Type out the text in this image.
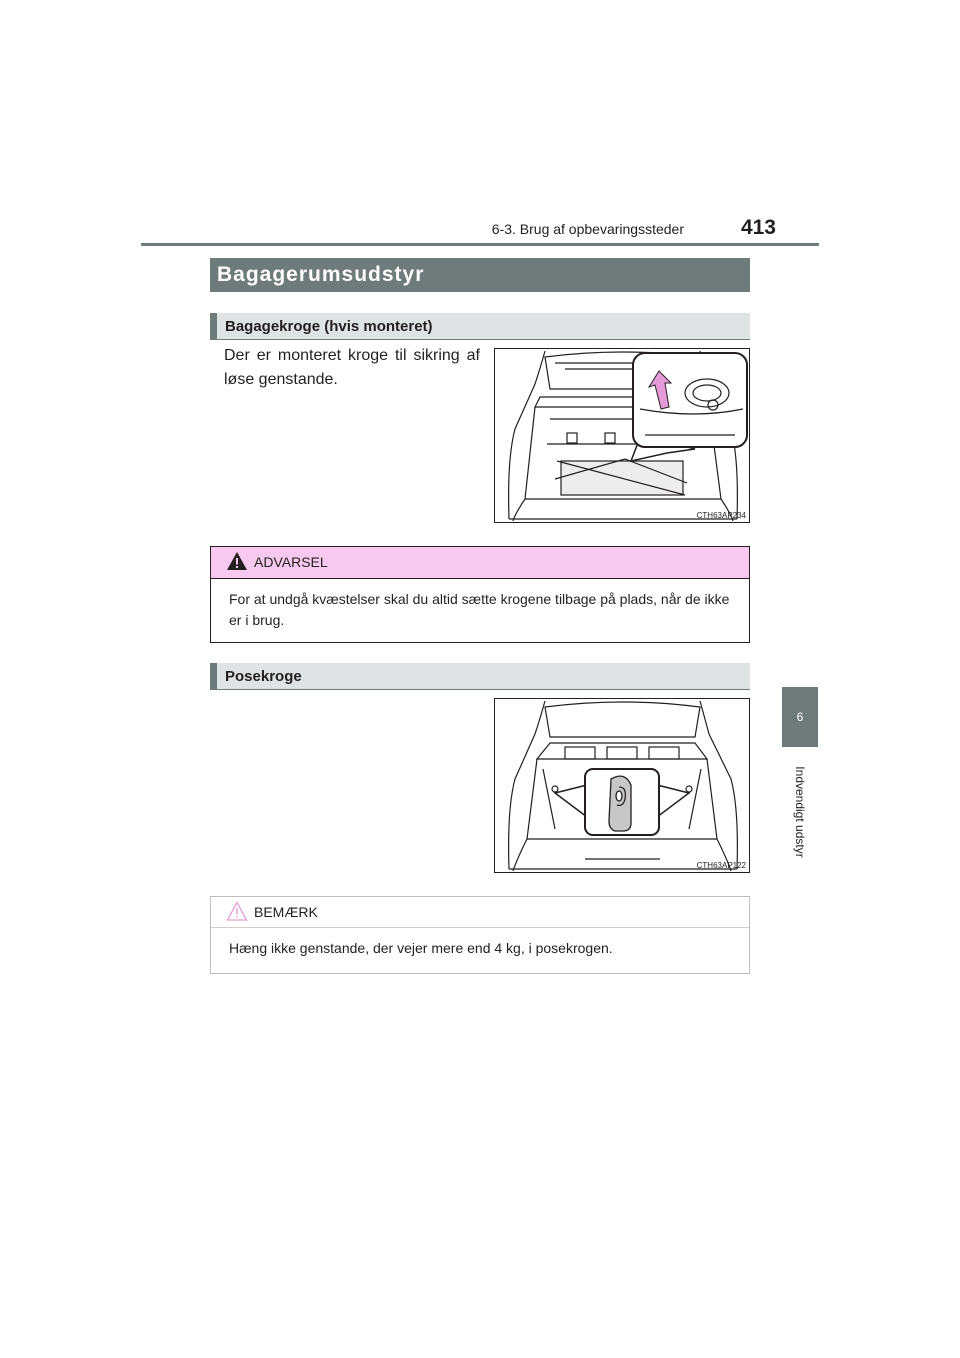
6-3. Brug af opbevaringssteder	413
6
Indvendigt udstyr
Bagagerumsudstyr
Bagagekroge (hvis monteret)
Der er monteret kroge til sikring af løse genstande.
CTH63AP234
ADVARSEL
For at undgå kvæstelser skal du altid sætte krogene tilbage på plads, når de ikke er i brug.
Posekroge
CTH63AP122
BEMÆRK
Hæng ikke genstande, der vejer mere end 4 kg, i posekrogen.
